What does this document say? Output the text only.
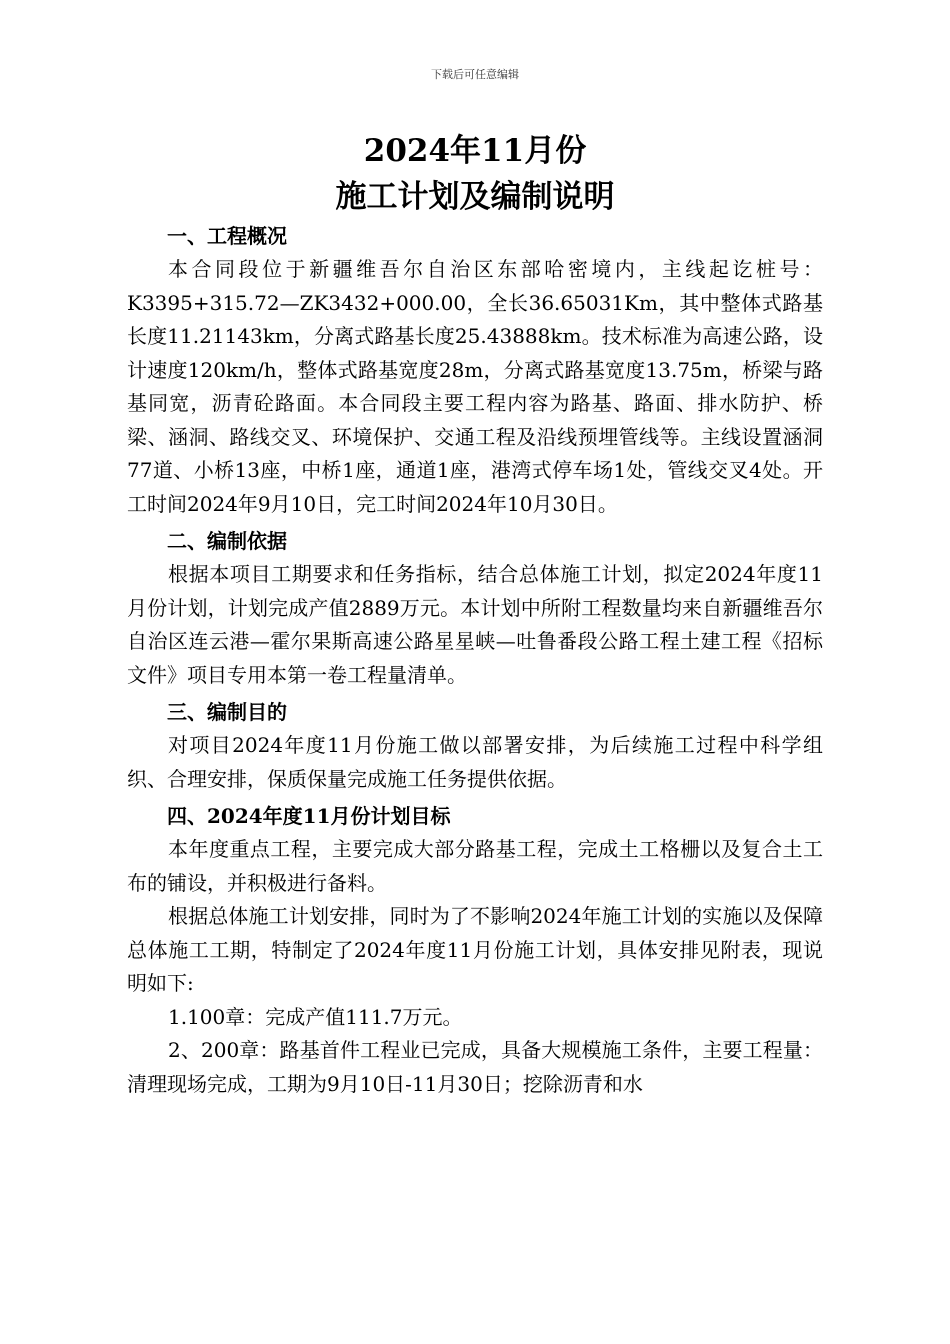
下载后可任意编辑

2024年11月份

施工计划及编制说明

一、工程概况

本合同段位于新疆维吾尔自治区东部哈密境内，主线起讫桩号：K3395+315.72—ZK3432+000.00，全长36.65031Km，其中整体式路基长度11.21143km，分离式路基长度25.43888km。技术标准为高速公路，设计速度120km/h，整体式路基宽度28m，分离式路基宽度13.75m，桥梁与路基同宽，沥青砼路面。本合同段主要工程内容为路基、路面、排水防护、桥梁、涵洞、路线交叉、环境保护、交通工程及沿线预埋管线等。主线设置涵洞77道、小桥13座，中桥1座，通道1座，港湾式停车场1处，管线交叉4处。开工时间2024年9月10日，完工时间2024年10月30日。

二、编制依据

根据本项目工期要求和任务指标，结合总体施工计划，拟定2024年度11月份计划，计划完成产值2889万元。本计划中所附工程数量均来自新疆维吾尔自治区连云港—霍尔果斯高速公路星星峡—吐鲁番段公路工程土建工程《招标文件》项目专用本第一卷工程量清单。

三、编制目的

对项目2024年度11月份施工做以部署安排，为后续施工过程中科学组织、合理安排，保质保量完成施工任务提供依据。

四、2024年度11月份计划目标

本年度重点工程，主要完成大部分路基工程，完成土工格栅以及复合土工布的铺设，并积极进行备料。

根据总体施工计划安排，同时为了不影响2024年施工计划的实施以及保障总体施工工期，特制定了2024年度11月份施工计划，具体安排见附表，现说明如下:

1.100章：完成产值111.7万元。

2、200章：路基首件工程业已完成，具备大规模施工条件，主要工程量：清理现场完成，工期为9月10日-11月30日；挖除沥青和水
